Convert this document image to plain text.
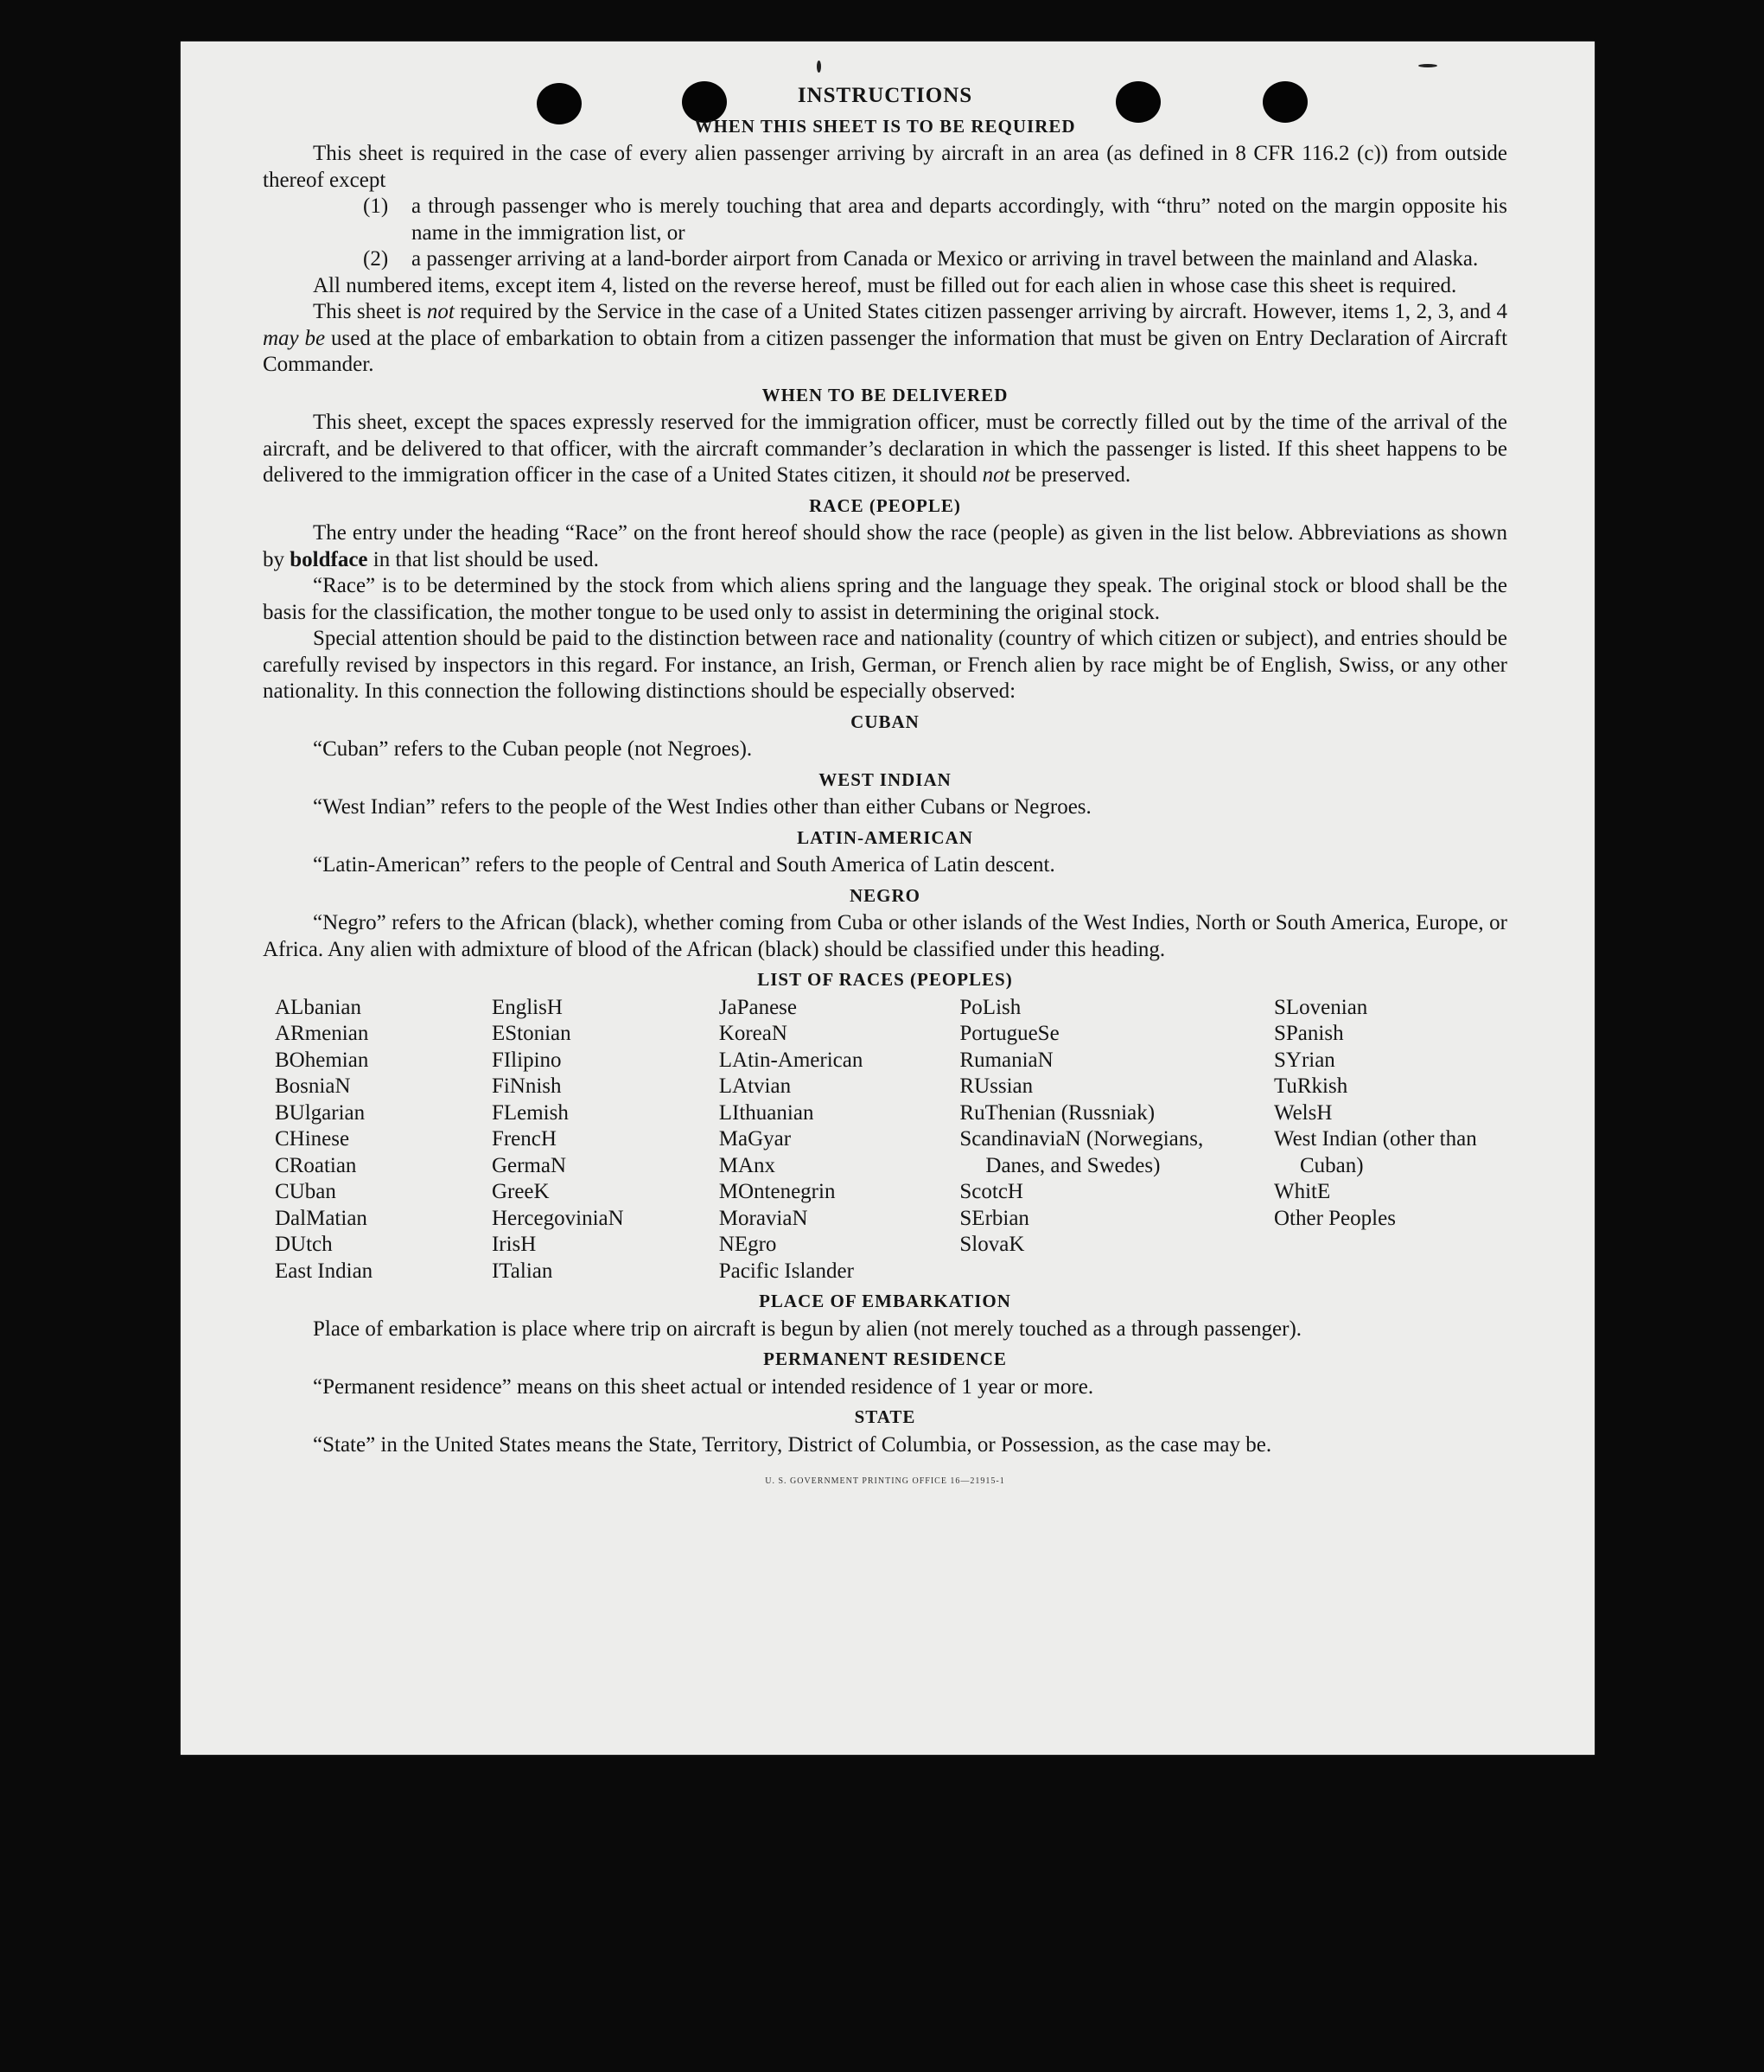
INSTRUCTIONS
WHEN THIS SHEET IS TO BE REQUIRED

This sheet is required in the case of every alien passenger arriving by aircraft in an area (as defined in 8 CFR 116.2 (c)) from outside thereof except

(1)	a through passenger who is merely touching that area and departs accordingly, with “thru” noted on the margin opposite his name in the immigration list, or
(2)	a passenger arriving at a land-border airport from Canada or Mexico or arriving in travel between the mainland and Alaska.

All numbered items, except item 4, listed on the reverse hereof, must be filled out for each alien in whose case this sheet is required.

This sheet is not required by the Service in the case of a United States citizen passenger arriving by aircraft. However, items 1, 2, 3, and 4 may be used at the place of embarkation to obtain from a citizen passenger the information that must be given on Entry Declaration of Aircraft Commander.

WHEN TO BE DELIVERED

This sheet, except the spaces expressly reserved for the immigration officer, must be correctly filled out by the time of the arrival of the aircraft, and be delivered to that officer, with the aircraft commander’s declaration in which the passenger is listed. If this sheet happens to be delivered to the immigration officer in the case of a United States citizen, it should not be preserved.

RACE (PEOPLE)

The entry under the heading “Race” on the front hereof should show the race (people) as given in the list below. Abbreviations as shown by boldface in that list should be used.

“Race” is to be determined by the stock from which aliens spring and the language they speak. The original stock or blood shall be the basis for the classification, the mother tongue to be used only to assist in determining the original stock.

Special attention should be paid to the distinction between race and nationality (country of which citizen or subject), and entries should be carefully revised by inspectors in this regard. For instance, an Irish, German, or French alien by race might be of English, Swiss, or any other nationality. In this connection the following distinctions should be especially observed:

CUBAN

“Cuban” refers to the Cuban people (not Negroes).

WEST INDIAN

“West Indian” refers to the people of the West Indies other than either Cubans or Negroes.

LATIN-AMERICAN

“Latin-American” refers to the people of Central and South America of Latin descent.

NEGRO

“Negro” refers to the African (black), whether coming from Cuba or other islands of the West Indies, North or South America, Europe, or Africa. Any alien with admixture of blood of the African (black) should be classified under this heading.

LIST OF RACES (PEOPLES)
ALbanian
ARmenian
BOhemian
BosniaN
BUlgarian
CHinese
CRoatian
CUban
DalMatian
DUtch
East Indian
EnglisH
EStonian
FIlipino
FiNnish
FLemish
FrencH
GermaN
GreeK
HercegoviniaN
IrisH
ITalian
JaPanese
KoreaN
LAtin-American
LAtvian
LIthuanian
MaGyar
MAnx
MOntenegrin
MoraviaN
NEgro
Pacific Islander
PoLish
PortugueSe
RumaniaN
RUssian
RuThenian (Russniak)
ScandinaviaN (Norwegians, Danes, and Swedes)
ScotcH
SErbian
SlovaK
SLovenian
SPanish
SYrian
TuRkish
WelsH
West Indian (other than Cuban)
WhitE
Other Peoples
PLACE OF EMBARKATION

Place of embarkation is place where trip on aircraft is begun by alien (not merely touched as a through passenger).

PERMANENT RESIDENCE

“Permanent residence” means on this sheet actual or intended residence of 1 year or more.

STATE

“State” in the United States means the State, Territory, District of Columbia, or Possession, as the case may be.

U. S. GOVERNMENT PRINTING OFFICE 16—21915-1
